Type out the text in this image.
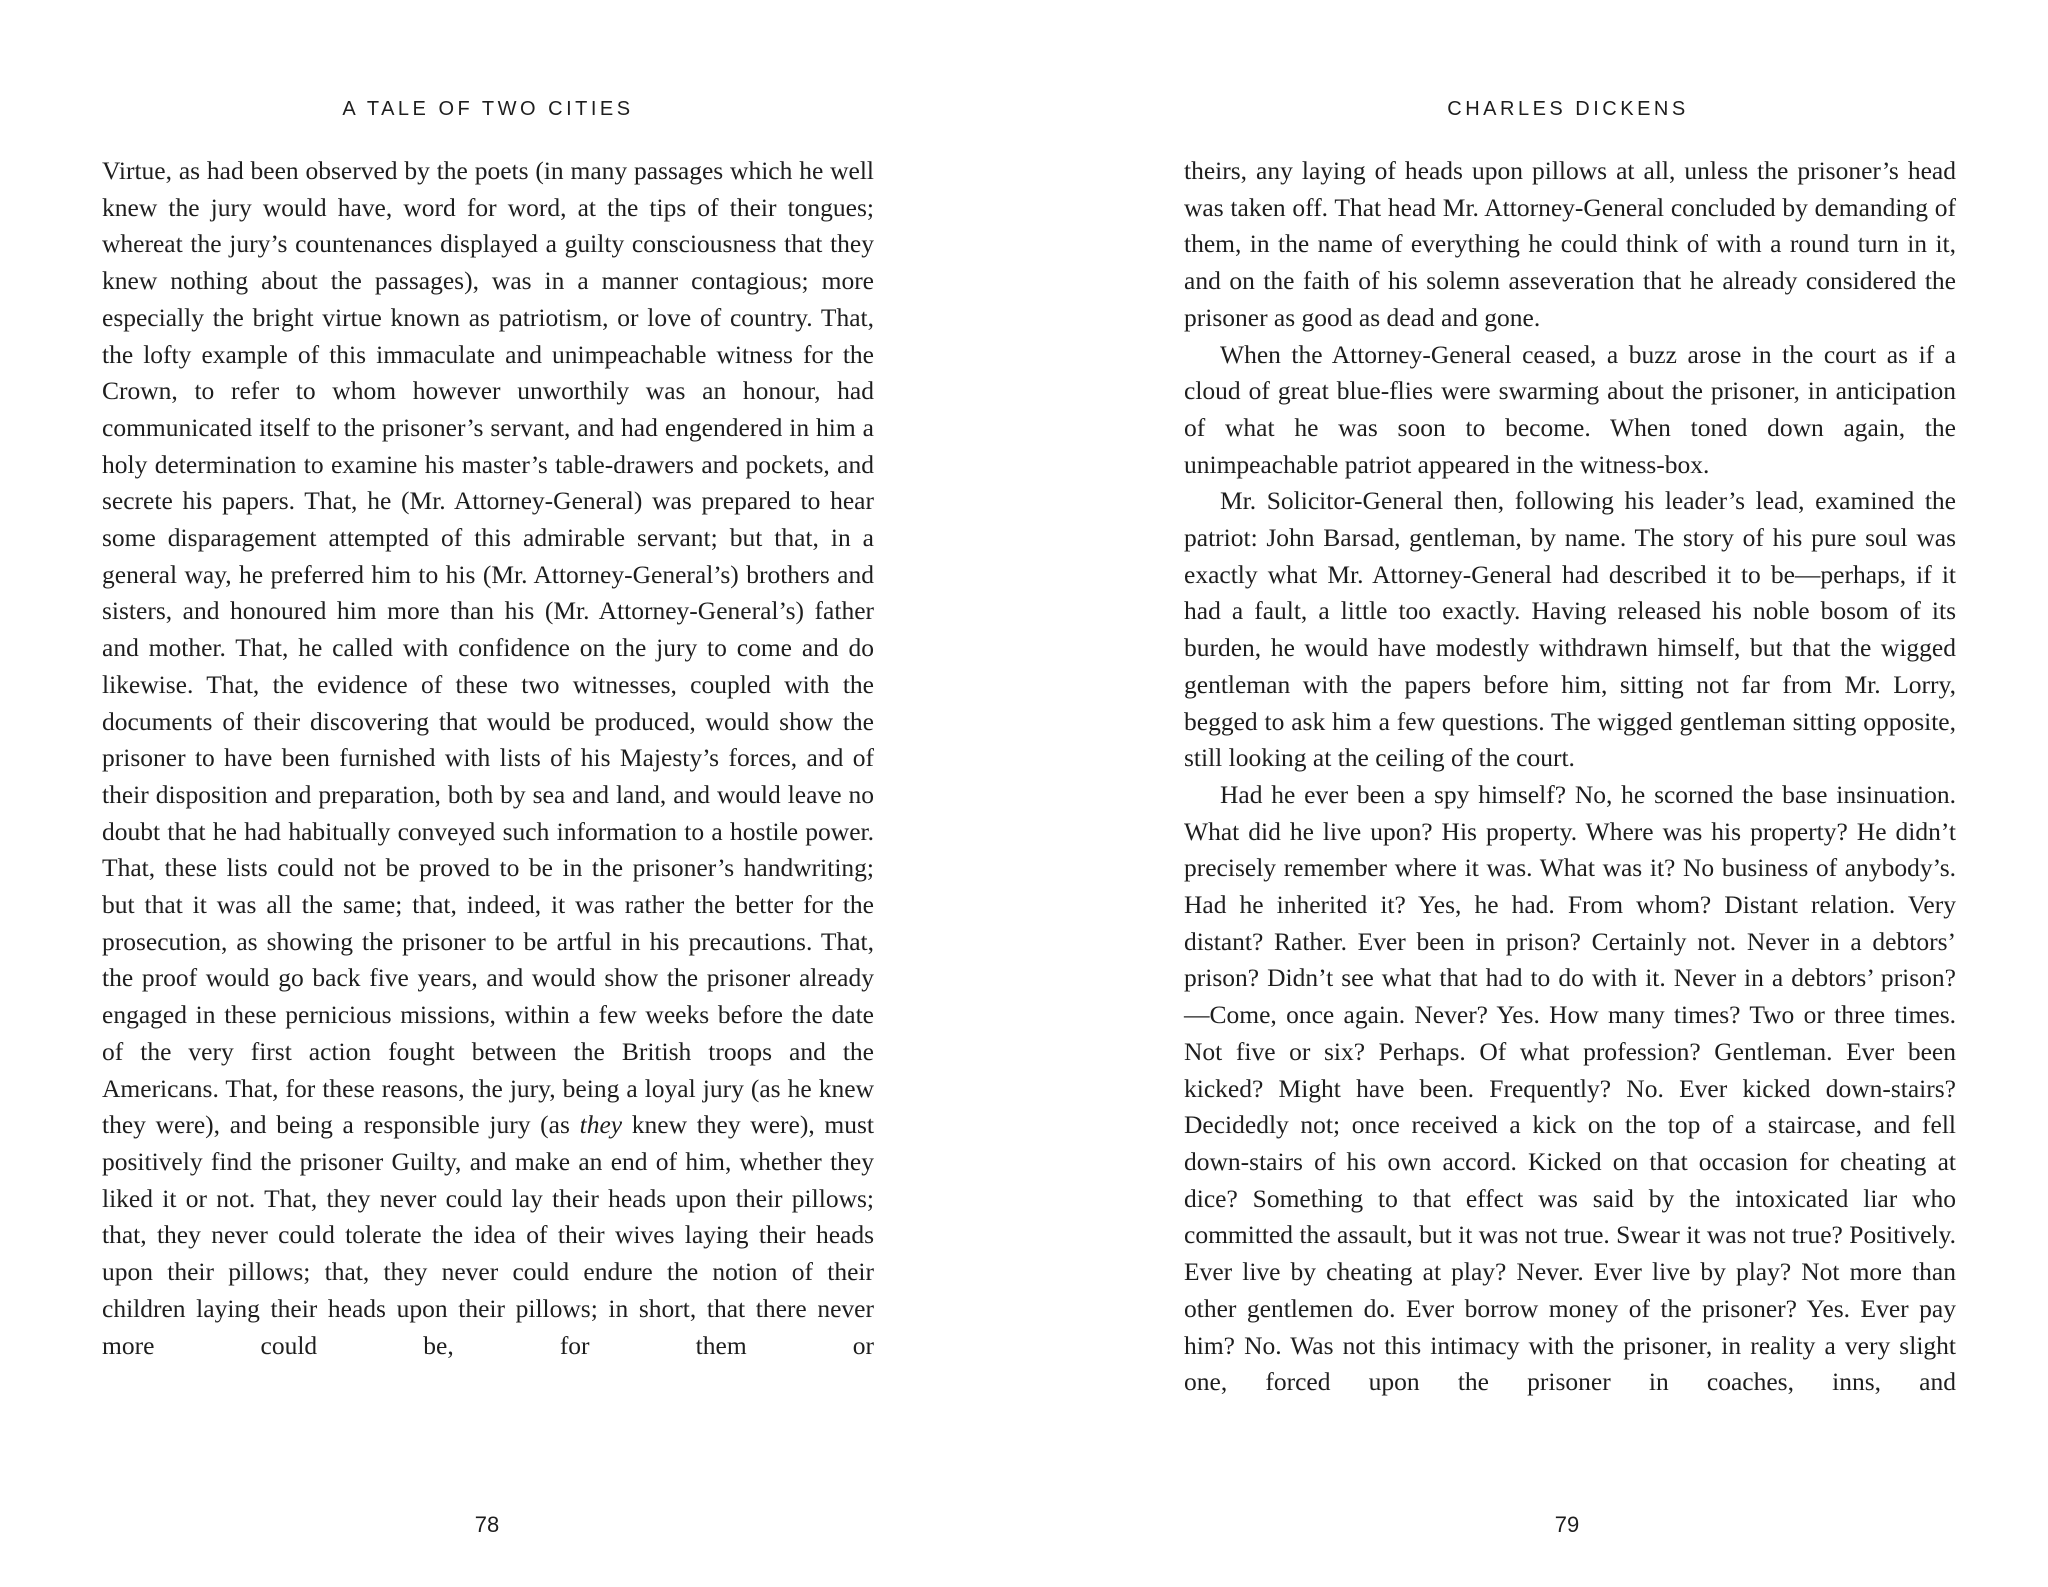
A TALE OF TWO CITIES

Virtue, as had been observed by the poets (in many passages which he well knew the jury would have, word for word, at the tips of their tongues; whereat the jury’s countenances displayed a guilty consciousness that they knew nothing about the passages), was in a manner contagious; more especially the bright virtue known as patriotism, or love of country. That, the lofty example of this immaculate and unimpeachable witness for the Crown, to refer to whom however unworthily was an honour, had communicated itself to the prisoner’s servant, and had engendered in him a holy determination to examine his master’s table-drawers and pockets, and secrete his papers. That, he (Mr. Attorney-General) was prepared to hear some disparagement attempted of this admirable servant; but that, in a general way, he preferred him to his (Mr. Attorney-General’s) brothers and sisters, and honoured him more than his (Mr. Attorney-General’s) father and mother. That, he called with confidence on the jury to come and do likewise. That, the evidence of these two witnesses, coupled with the documents of their discovering that would be produced, would show the prisoner to have been furnished with lists of his Majesty’s forces, and of their disposition and preparation, both by sea and land, and would leave no doubt that he had habitually conveyed such information to a hostile power. That, these lists could not be proved to be in the prisoner’s handwriting; but that it was all the same; that, indeed, it was rather the better for the prosecution, as showing the prisoner to be artful in his precautions. That, the proof would go back five years, and would show the prisoner already engaged in these pernicious missions, within a few weeks before the date of the very first action fought between the British troops and the Americans. That, for these reasons, the jury, being a loyal jury (as he knew they were), and being a responsible jury (as they knew they were), must positively find the prisoner Guilty, and make an end of him, whether they liked it or not. That, they never could lay their heads upon their pillows; that, they never could tolerate the idea of their wives laying their heads upon their pillows; that, they never could endure the notion of their children laying their heads upon their pillows; in short, that there never more could be, for them or

78
CHARLES DICKENS

theirs, any laying of heads upon pillows at all, unless the prisoner’s head was taken off. That head Mr. Attorney-General concluded by demanding of them, in the name of everything he could think of with a round turn in it, and on the faith of his solemn asseveration that he already considered the prisoner as good as dead and gone.

When the Attorney-General ceased, a buzz arose in the court as if a cloud of great blue-flies were swarming about the prisoner, in anticipation of what he was soon to become. When toned down again, the unimpeachable patriot appeared in the witness-box.

Mr. Solicitor-General then, following his leader’s lead, examined the patriot: John Barsad, gentleman, by name. The story of his pure soul was exactly what Mr. Attorney-General had described it to be—perhaps, if it had a fault, a little too exactly. Having released his noble bosom of its burden, he would have modestly withdrawn himself, but that the wigged gentleman with the papers before him, sitting not far from Mr. Lorry, begged to ask him a few questions. The wigged gentleman sitting opposite, still looking at the ceiling of the court.

Had he ever been a spy himself? No, he scorned the base insinuation. What did he live upon? His property. Where was his property? He didn’t precisely remember where it was. What was it? No business of anybody’s. Had he inherited it? Yes, he had. From whom? Distant relation. Very distant? Rather. Ever been in prison? Certainly not. Never in a debtors’ prison? Didn’t see what that had to do with it. Never in a debtors’ prison?—Come, once again. Never? Yes. How many times? Two or three times. Not five or six? Perhaps. Of what profession? Gentleman. Ever been kicked? Might have been. Frequently? No. Ever kicked down-stairs? Decidedly not; once received a kick on the top of a staircase, and fell down-stairs of his own accord. Kicked on that occasion for cheating at dice? Something to that effect was said by the intoxicated liar who committed the assault, but it was not true. Swear it was not true? Positively. Ever live by cheating at play? Never. Ever live by play? Not more than other gentlemen do. Ever borrow money of the prisoner? Yes. Ever pay him? No. Was not this intimacy with the prisoner, in reality a very slight one, forced upon the prisoner in coaches, inns, and

79
